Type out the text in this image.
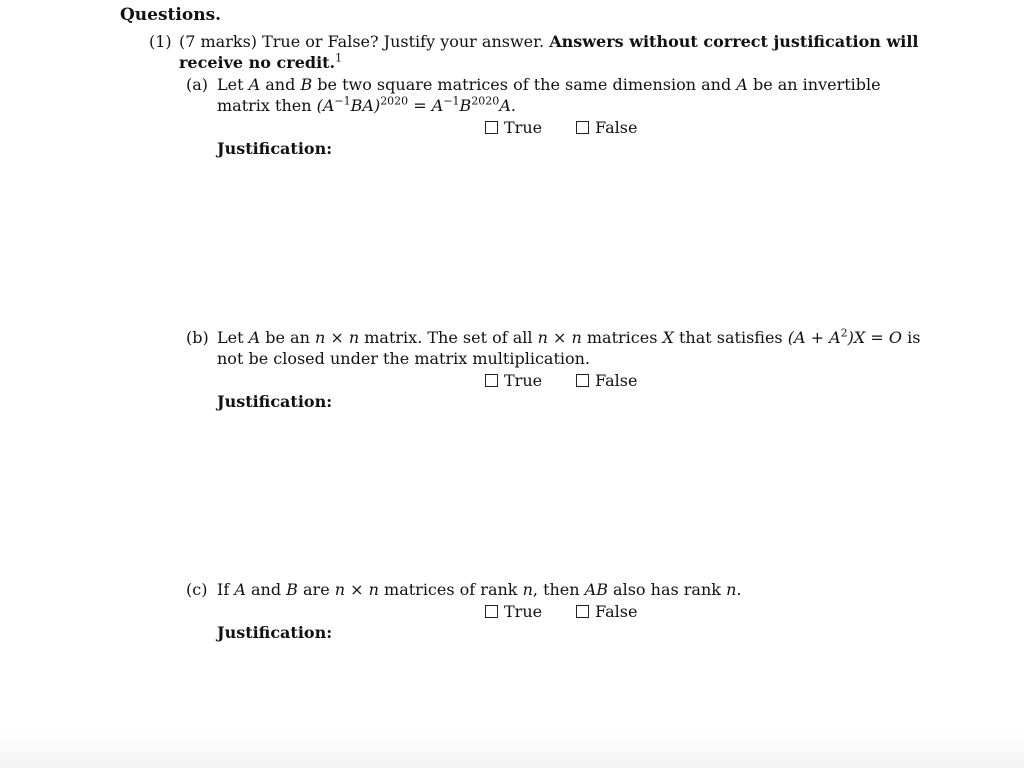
Questions.
(1) (7 marks) True or False? Justify your answer. Answers without correct justification will receive no credit.$^1$
(a) Let A and B be two square matrices of the same dimension and A be an invertible matrix then $(A^{-1}BA)^{2020} = A^{-1}B^{2020}A$.
True	False
Justification:
(b) Let A be an n × n matrix. The set of all n × n matrices X that satisfies $(A + A^2)X = O$ is not be closed under the matrix multiplication.
True	False
Justification:
(c) If A and B are n × n matrices of rank n, then AB also has rank n.
True	False
Justification:
